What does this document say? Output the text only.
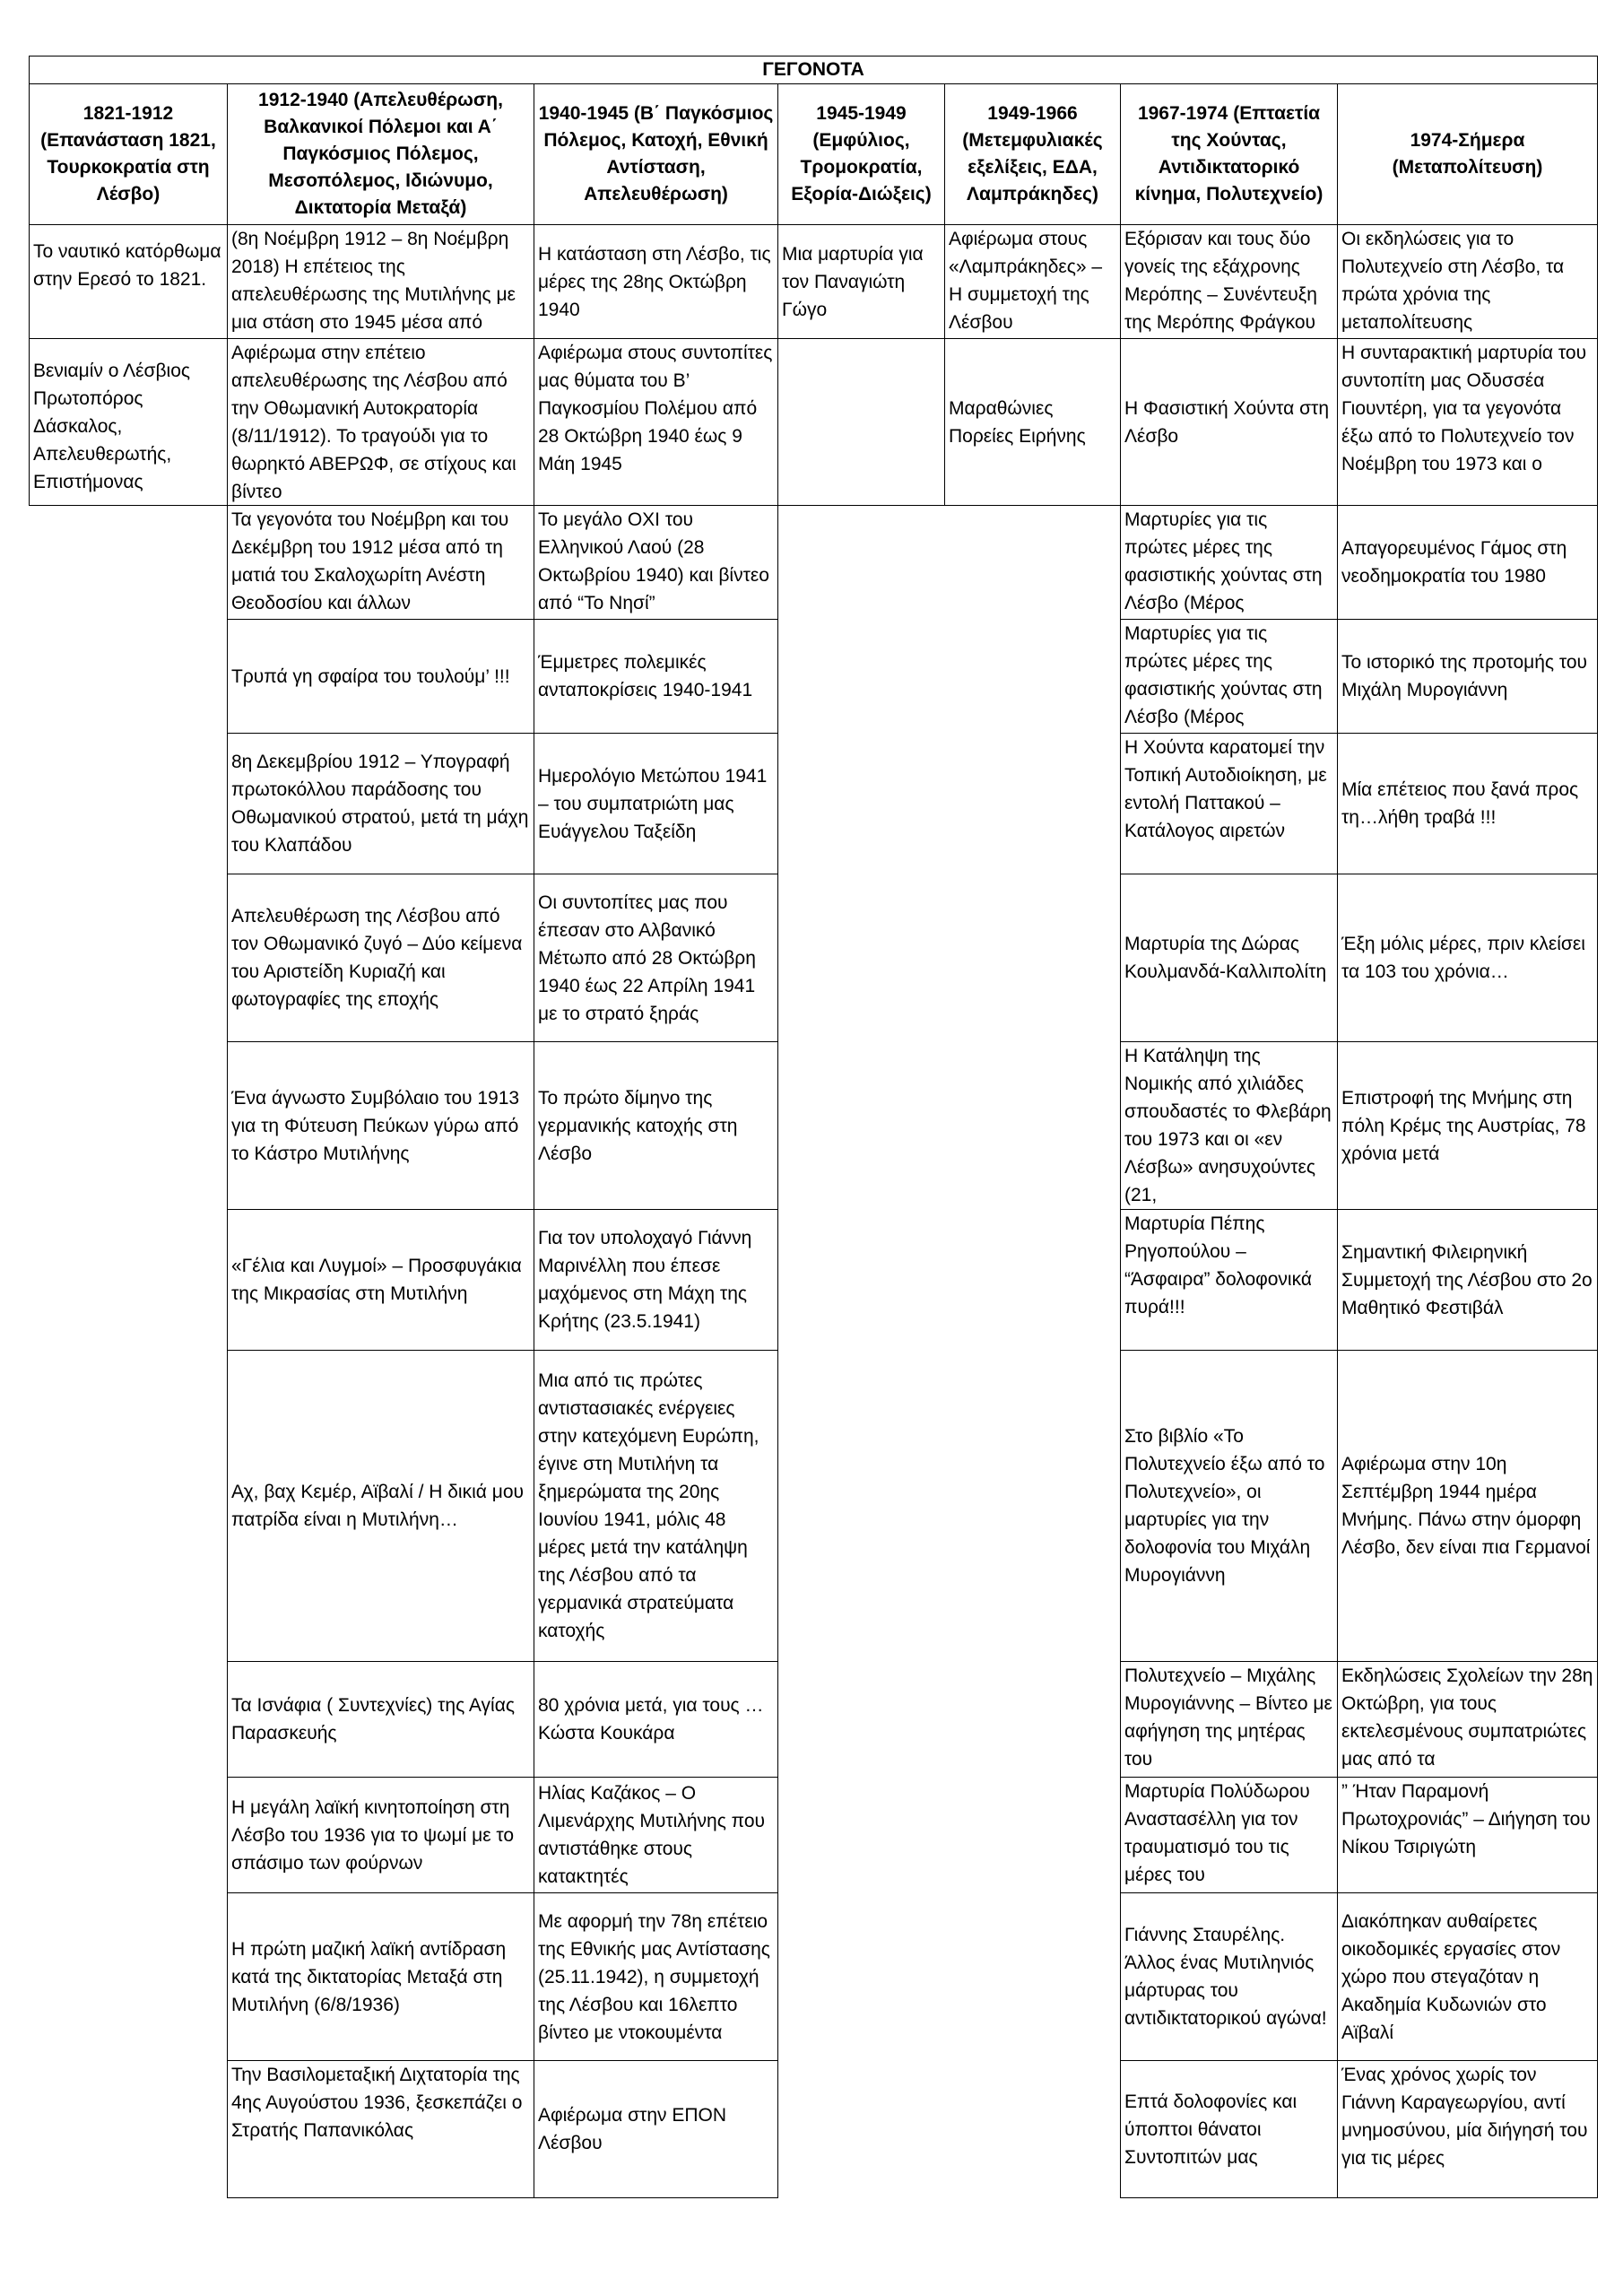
ΓΕΓΟΝΟΤΑ
1821-1912 (Επανάσταση 1821, Τουρκοκρατία στη Λέσβο)
1912-1940 (Απελευθέρωση, Βαλκανικοί Πόλεμοι και Α΄ Παγκόσμιος Πόλεμος, Μεσοπόλεμος, Ιδιώνυμο, Δικτατορία Μεταξά)
1940-1945 (Β΄ Παγκόσμιος Πόλεμος, Κατοχή, Εθνική Αντίσταση, Απελευθέρωση)
1945-1949 (Εμφύλιος, Τρομοκρατία, Εξορία-Διώξεις)
1949-1966 (Μετεμφυλιακές εξελίξεις, ΕΔΑ, Λαμπράκηδες)
1967-1974 (Επταετία της Χούντας, Αντιδικτατορικό κίνημα, Πολυτεχνείο)
1974-Σήμερα (Μεταπολίτευση)
Το ναυτικό κατόρθωμα στην Ερεσό το 1821.
Βενιαμίν ο Λέσβιος Πρωτοπόρος Δάσκαλος, Απελευθερωτής, Επιστήμονας
(8η Νοέμβρη 1912 – 8η Νοέμβρη 2018) Η επέτειος της απελευθέρωσης της Μυτιλήνης με μια στάση στο 1945 μέσα από
Αφιέρωμα στην επέτειο απελευθέρωσης της Λέσβου από την Οθωμανική Αυτοκρατορία (8/11/1912). Το τραγούδι για το θωρηκτό ΑΒΕΡΩΦ, σε στίχους και βίντεο
Τα γεγονότα του Νοέμβρη και του Δεκέμβρη του 1912 μέσα από τη ματιά του Σκαλοχωρίτη Ανέστη Θεοδοσίου και άλλων
Τρυπά γη σφαίρα του τουλούμ’ !!!
8η Δεκεμβρίου 1912 – Υπογραφή πρωτοκόλλου παράδοσης του Οθωμανικού στρατού, μετά τη μάχη του Κλαπάδου
Απελευθέρωση της Λέσβου από τον Οθωμανικό ζυγό – Δύο κείμενα του Αριστείδη Κυριαζή και φωτογραφίες της εποχής
Ένα άγνωστο Συμβόλαιο του 1913 για τη Φύτευση Πεύκων γύρω από το Κάστρο Μυτιλήνης
«Γέλια και Λυγμοί» – Προσφυγάκια της Μικρασίας στη Μυτιλήνη
Αχ, βαχ Κεμέρ, Αϊβαλί / Η δικιά μου πατρίδα είναι η Μυτιλήνη…
Τα Ισνάφια ( Συντεχνίες) της Αγίας Παρασκευής
Η μεγάλη λαϊκή κινητοποίηση στη Λέσβο του 1936 για το ψωμί με το σπάσιμο των φούρνων
Η πρώτη μαζική λαϊκή αντίδραση κατά της δικτατορίας Μεταξά στη Μυτιλήνη (6/8/1936)
Την Βασιλομεταξική Διχτατορία της 4ης Αυγούστου 1936, ξεσκεπάζει ο Στρατής Παπανικόλας
Η κατάσταση στη Λέσβο, τις μέρες της 28ης Οκτώβρη 1940
Αφιέρωμα στους συντοπίτες μας θύματα του Β’ Παγκοσμίου Πολέμου από 28 Οκτώβρη 1940 έως 9 Μάη 1945
Το μεγάλο ΟΧΙ του Ελληνικού Λαού (28 Οκτωβρίου 1940) και βίντεο από “Το Νησί”
Έμμετρες πολεμικές ανταποκρίσεις 1940-1941
Ημερολόγιο Μετώπου 1941 – του συμπατριώτη μας Ευάγγελου Ταξείδη
Οι συντοπίτες μας που έπεσαν στο Αλβανικό Μέτωπο από 28 Οκτώβρη 1940 έως 22 Απρίλη 1941 με το στρατό ξηράς
Το πρώτο δίμηνο της γερμανικής κατοχής στη Λέσβο
Για τον υπολοχαγό Γιάννη Μαρινέλλη που έπεσε μαχόμενος στη Μάχη της Κρήτης (23.5.1941)
Μια από τις πρώτες αντιστασιακές ενέργειες στην κατεχόμενη Ευρώπη, έγινε στη Μυτιλήνη τα ξημερώματα της 20ης Ιουνίου 1941, μόλις 48 μέρες μετά την κατάληψη της Λέσβου από τα γερμανικά στρατεύματα κατοχής
80 χρόνια μετά, για τους … Κώστα Κουκάρα
Ηλίας Καζάκος – Ο Λιμενάρχης Μυτιλήνης που αντιστάθηκε στους κατακτητές
Με αφορμή την 78η επέτειο της Εθνικής μας Αντίστασης (25.11.1942), η συμμετοχή της Λέσβου και 16λεπτο βίντεο με ντοκουμέντα
Αφιέρωμα στην ΕΠΟΝ Λέσβου
Μια μαρτυρία για τον Παναγιώτη Γώγο
Αφιέρωμα στους «Λαμπράκηδες» – Η συμμετοχή της Λέσβου
Μαραθώνιες Πορείες Ειρήνης
Εξόρισαν και τους δύο γονείς της εξάχρονης Μερόπης – Συνέντευξη της Μερόπης Φράγκου
Η Φασιστική Χούντα στη Λέσβο
Μαρτυρίες για τις πρώτες μέρες της φασιστικής χούντας στη Λέσβο (Μέρος
Μαρτυρίες για τις πρώτες μέρες της φασιστικής χούντας στη Λέσβο (Μέρος
Η Χούντα καρατομεί την Τοπική Αυτοδιοίκηση, με εντολή Παττακού – Κατάλογος αιρετών
Μαρτυρία της Δώρας Κουλμανδά-Καλλιπολίτη
Η Κατάληψη της Νομικής από χιλιάδες σπουδαστές το Φλεβάρη του 1973 και οι «εν Λέσβω» ανησυχούντες (21,
Μαρτυρία Πέπης Ρηγοπούλου – “Άσφαιρα” δολοφονικά πυρά!!!
Στο βιβλίο «Το Πολυτεχνείο έξω από το Πολυτεχνείο», οι μαρτυρίες για την δολοφονία του Μιχάλη Μυρογιάννη
Πολυτεχνείο – Μιχάλης Μυρογιάννης – Βίντεο με αφήγηση της μητέρας του
Μαρτυρία Πολύδωρου Αναστασέλλη για τον τραυματισμό του τις μέρες του
Γιάννης Σταυρέλης. Άλλος ένας Μυτιληνιός μάρτυρας του αντιδικτατορικού αγώνα!
Επτά δολοφονίες και ύποπτοι θάνατοι Συντοπιτών μας
Οι εκδηλώσεις για το Πολυτεχνείο στη Λέσβο, τα πρώτα χρόνια της μεταπολίτευσης
Η συνταρακτική μαρτυρία του συντοπίτη μας Οδυσσέα Γιουντέρη, για τα γεγονότα έξω από το Πολυτεχνείο τον Νοέμβρη του 1973 και ο
Απαγορευμένος Γάμος στη νεοδημοκρατία του 1980
Το ιστορικό της προτομής του Μιχάλη Μυρογιάννη
Μία επέτειος που ξανά προς τη…λήθη τραβά !!!
Έξη μόλις μέρες, πριν κλείσει τα 103 του χρόνια…
Επιστροφή της Μνήμης στη πόλη Κρέμς της Αυστρίας, 78 χρόνια μετά
Σημαντική Φιλειρηνική Συμμετοχή της Λέσβου στο 2ο Μαθητικό Φεστιβάλ
Αφιέρωμα στην 10η Σεπτέμβρη 1944 ημέρα Μνήμης. Πάνω στην όμορφη Λέσβο, δεν είναι πια Γερμανοί
Εκδηλώσεις Σχολείων την 28η Οκτώβρη, για τους εκτελεσμένους συμπατριώτες μας από τα
” Ήταν Παραμονή Πρωτοχρονιάς” – Διήγηση του Νίκου Τσιριγώτη
Διακόπηκαν αυθαίρετες οικοδομικές εργασίες στον χώρο που στεγαζόταν η Ακαδημία Κυδωνιών στο Αϊβαλί
Ένας χρόνος χωρίς τον Γιάννη Καραγεωργίου, αντί μνημοσύνου, μία διήγησή του για τις μέρες
